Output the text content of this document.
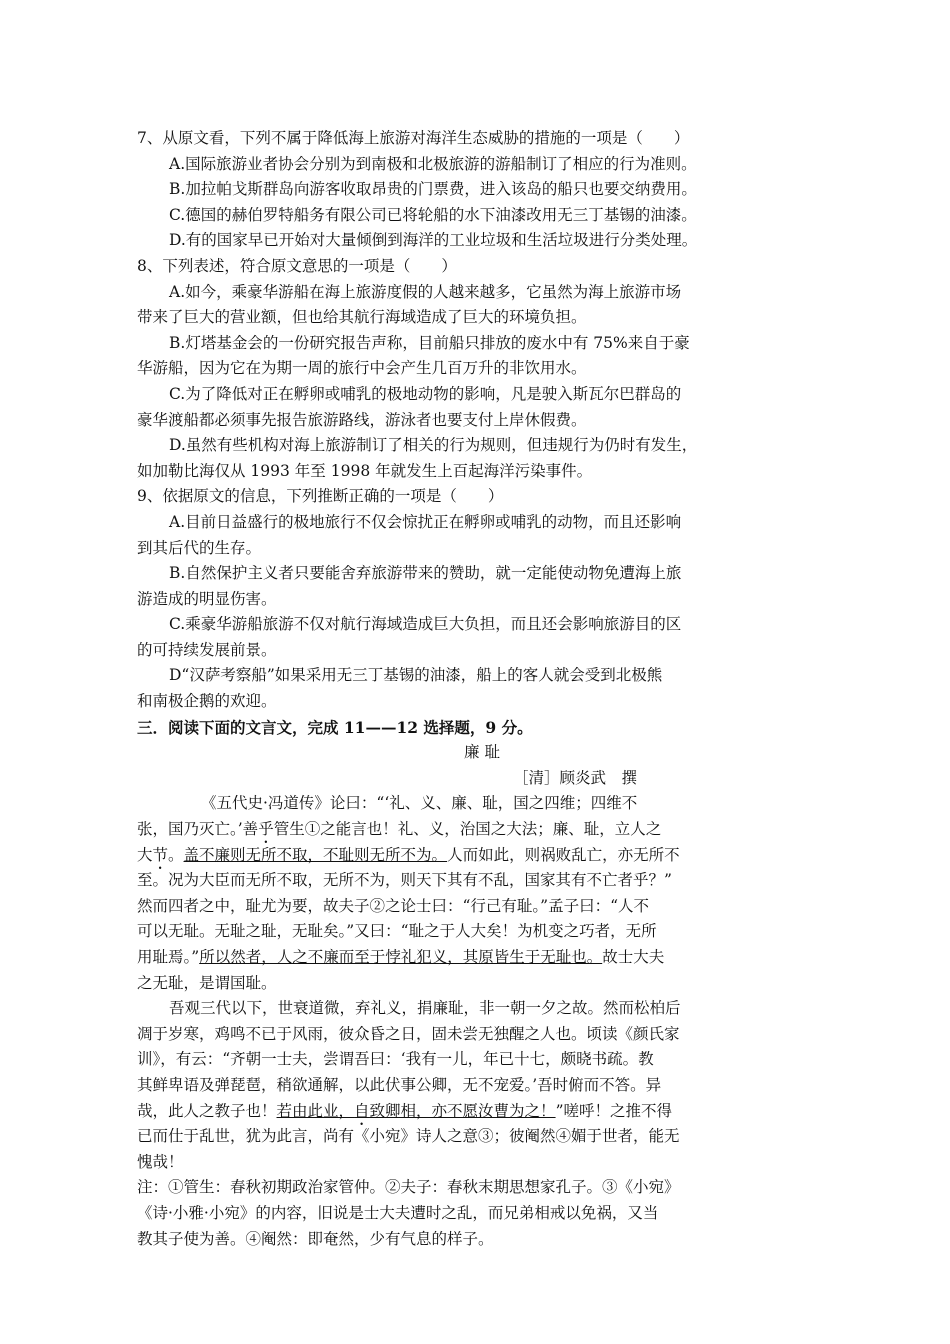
7、从原文看，下列不属于降低海上旅游对海洋生态威胁的措施的一项是（　　）
A.国际旅游业者协会分别为到南极和北极旅游的游船制订了相应的行为准则。
B.加拉帕戈斯群岛向游客收取昂贵的门票费，进入该岛的船只也要交纳费用。
C.德国的赫伯罗特船务有限公司已将轮船的水下油漆改用无三丁基锡的油漆。
D.有的国家早已开始对大量倾倒到海洋的工业垃圾和生活垃圾进行分类处理。
8、下列表述，符合原文意思的一项是（　　）
A.如今，乘豪华游船在海上旅游度假的人越来越多，它虽然为海上旅游市场
带来了巨大的营业额，但也给其航行海域造成了巨大的环境负担。
B.灯塔基金会的一份研究报告声称，目前船只排放的废水中有 75%来自于豪
华游船，因为它在为期一周的旅行中会产生几百万升的非饮用水。
C.为了降低对正在孵卵或哺乳的极地动物的影响，凡是驶入斯瓦尔巴群岛的
豪华渡船都必须事先报告旅游路线，游泳者也要支付上岸休假费。
D.虽然有些机构对海上旅游制订了相关的行为规则，但违规行为仍时有发生，
如加勒比海仅从 1993 年至 1998 年就发生上百起海洋污染事件。
9、依据原文的信息，下列推断正确的一项是（　　）
A.目前日益盛行的极地旅行不仅会惊扰正在孵卵或哺乳的动物，而且还影响
到其后代的生存。
B.自然保护主义者只要能舍弃旅游带来的赞助，就一定能使动物免遭海上旅
游造成的明显伤害。
C.乘豪华游船旅游不仅对航行海域造成巨大负担，而且还会影响旅游目的区
的可持续发展前景。
D“汉萨考察船”如果采用无三丁基锡的油漆，船上的客人就会受到北极熊
和南极企鹅的欢迎。
三．阅读下面的文言文，完成 11——12 选择题，9 分。
廉 耻
［清］顾炎武　撰
《五代史·冯道传》论曰：“‘礼、义、廉、耻，国之四维；四维不
张，国乃灭亡。’善乎管生①之能言也！礼、义，治国之大法；廉、耻，立人之
大节。盖不廉则无所不取，不耻则无所不为。人而如此，则祸败乱亡，亦无所不
至。况为大臣而无所不取，无所不为，则天下其有不乱，国家其有不亡者乎？”
然而四者之中，耻尤为要，故夫子②之论士曰：“行己有耻。”孟子曰：“人不
可以无耻。无耻之耻，无耻矣。”又曰：“耻之于人大矣！为机变之巧者，无所
用耻焉。”所以然者，人之不廉而至于悖礼犯义，其原皆生于无耻也。故士大夫
之无耻，是谓国耻。
吾观三代以下，世衰道微，弃礼义，捐廉耻，非一朝一夕之故。然而松柏后
凋于岁寒，鸡鸣不已于风雨，彼众昏之日，固未尝无独醒之人也。顷读《颜氏家
训》，有云：“齐朝一士夫，尝谓吾曰：‘我有一儿，年已十七，颇晓书疏。教
其鲜卑语及弹琵琶，稍欲通解，以此伏事公卿，无不宠爱。’吾时俯而不答。异
哉，此人之教子也！若由此业，自致卿相，亦不愿汝曹为之！”嗟呼！之推不得
已而仕于乱世，犹为此言，尚有《小宛》诗人之意③；彼阉然④媚于世者，能无
愧哉！
注：①管生：春秋初期政治家管仲。②夫子：春秋末期思想家孔子。③《小宛》
《诗·小雅·小宛》的内容，旧说是士大夫遭时之乱，而兄弟相戒以免祸，又当
教其子使为善。④阉然：即奄然，少有气息的样子。
